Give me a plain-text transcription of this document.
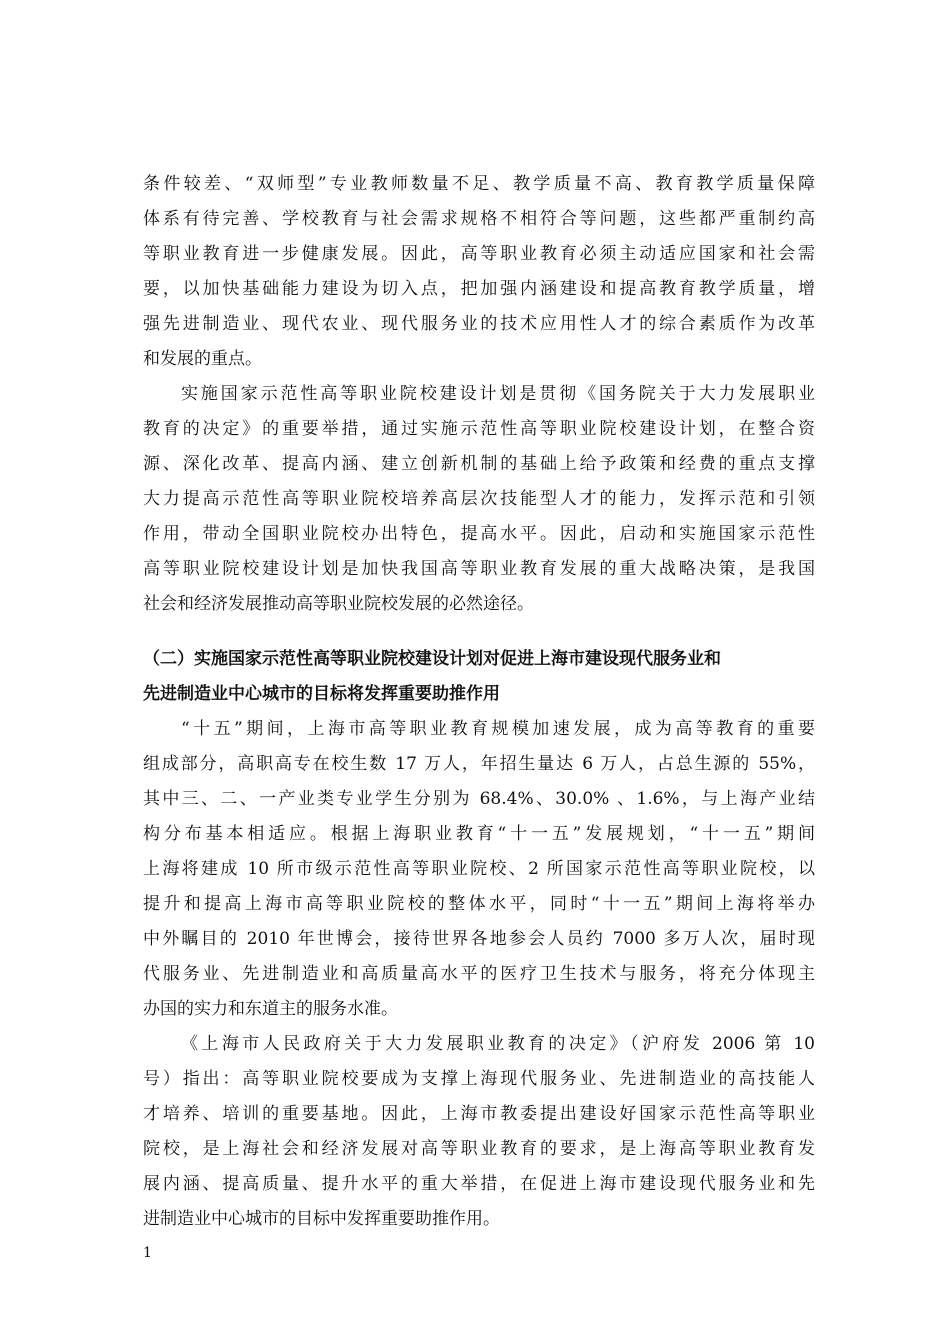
条件较差、“双师型”专业教师数量不足、教学质量不高、教育教学质量保障
体系有待完善、学校教育与社会需求规格不相符合等问题，这些都严重制约高
等职业教育进一步健康发展。因此，高等职业教育必须主动适应国家和社会需
要，以加快基础能力建设为切入点，把加强内涵建设和提高教育教学质量，增
强先进制造业、现代农业、现代服务业的技术应用性人才的综合素质作为改革
和发展的重点。
实施国家示范性高等职业院校建设计划是贯彻《国务院关于大力发展职业
教育的决定》的重要举措，通过实施示范性高等职业院校建设计划，在整合资
源、深化改革、提高内涵、建立创新机制的基础上给予政策和经费的重点支撑
大力提高示范性高等职业院校培养高层次技能型人才的能力，发挥示范和引领
作用，带动全国职业院校办出特色，提高水平。因此，启动和实施国家示范性
高等职业院校建设计划是加快我国高等职业教育发展的重大战略决策，是我国
社会和经济发展推动高等职业院校发展的必然途径。
（二）实施国家示范性高等职业院校建设计划对促进上海市建设现代服务业和
先进制造业中心城市的目标将发挥重要助推作用
“十五”期间，上海市高等职业教育规模加速发展，成为高等教育的重要
组成部分，高职高专在校生数 17 万人，年招生量达 6 万人，占总生源的 55%，
其中三、二、一产业类专业学生分别为 68.4%、30.0% 、1.6%，与上海产业结
构分布基本相适应。根据上海职业教育“十一五”发展规划，“十一五”期间
上海将建成 10 所市级示范性高等职业院校、2 所国家示范性高等职业院校，以
提升和提高上海市高等职业院校的整体水平，同时“十一五”期间上海将举办
中外瞩目的 2010 年世博会，接待世界各地参会人员约 7000 多万人次，届时现
代服务业、先进制造业和高质量高水平的医疗卫生技术与服务，将充分体现主
办国的实力和东道主的服务水准。
《上海市人民政府关于大力发展职业教育的决定》（沪府发 2006 第 10
号）指出：高等职业院校要成为支撑上海现代服务业、先进制造业的高技能人
才培养、培训的重要基地。因此，上海市教委提出建设好国家示范性高等职业
院校，是上海社会和经济发展对高等职业教育的要求，是上海高等职业教育发
展内涵、提高质量、提升水平的重大举措，在促进上海市建设现代服务业和先
进制造业中心城市的目标中发挥重要助推作用。
1
